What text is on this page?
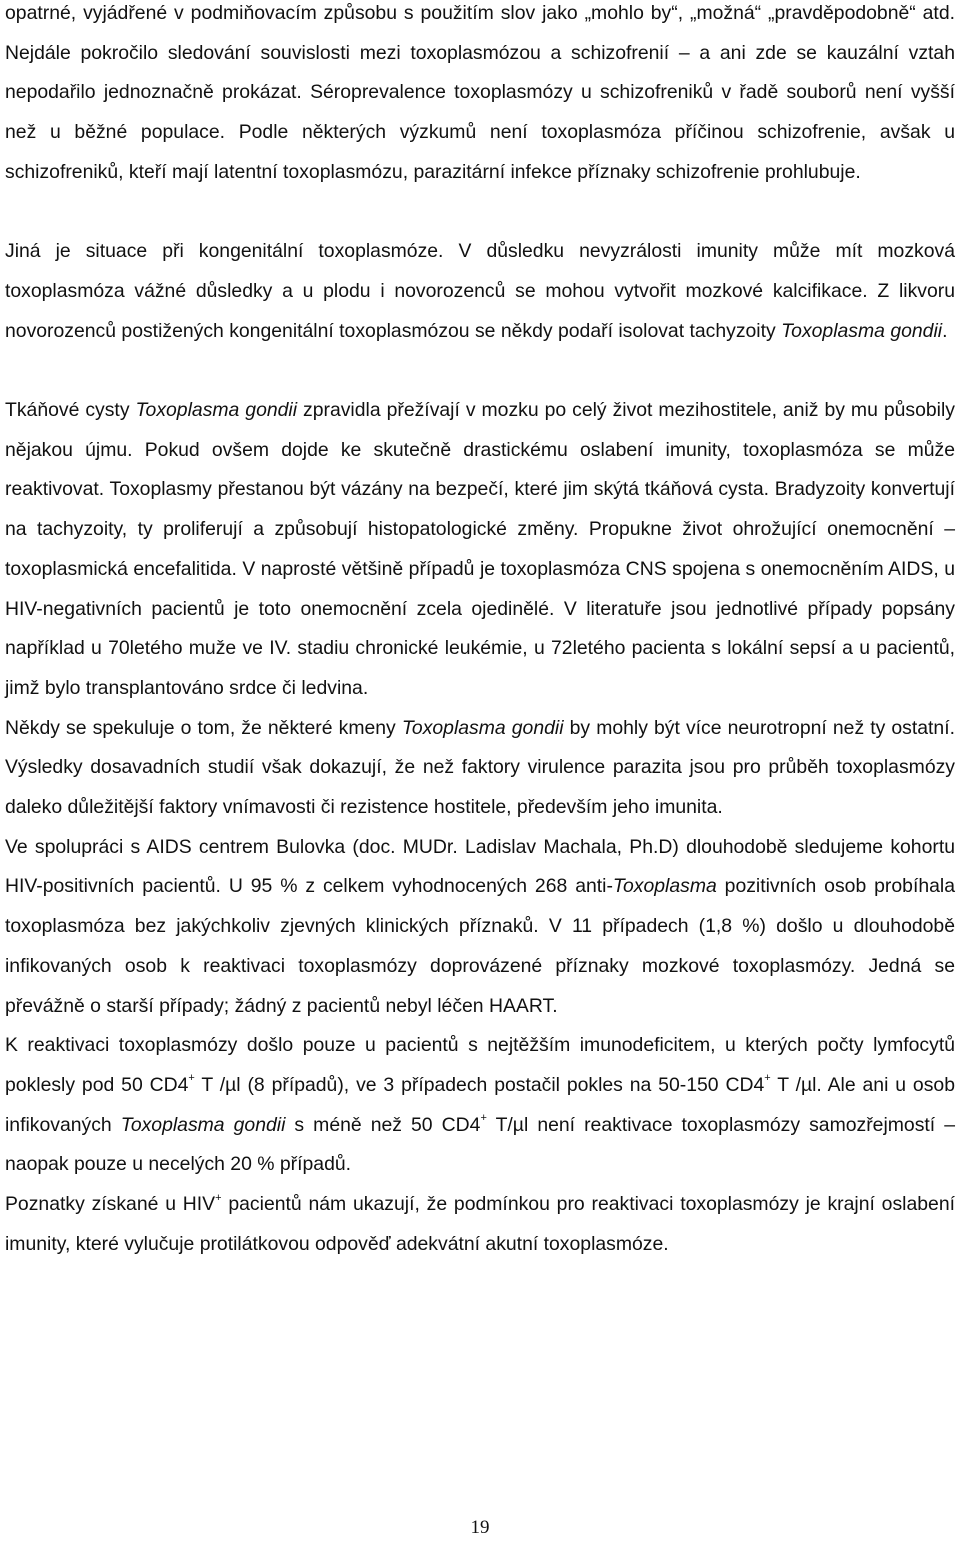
opatrné, vyjádřené v podmiňovacím způsobu s použitím slov jako „mohlo by“, „možná“ „pravděpodobně“ atd. Nejdále pokročilo sledování souvislosti mezi toxoplasmózou a schizofrenií – a ani zde se kauzální vztah nepodařilo jednoznačně prokázat. Séroprevalence toxoplasmózy u schizofreniků v řadě souborů není vyšší než u běžné populace. Podle některých výzkumů není toxoplasmóza příčinou schizofrenie, avšak u schizofreniků, kteří mají latentní toxoplasmózu, parazitární infekce příznaky schizofrenie prohlubuje.

Jiná je situace při kongenitální toxoplasmóze. V důsledku nevyzrálosti imunity může mít mozková toxoplasmóza vážné důsledky a u plodu i novorozenců se mohou vytvořit mozkové kalcifikace. Z likvoru novorozenců postižených kongenitální toxoplasmózou se někdy podaří isolovat tachyzoity Toxoplasma gondii.

Tkáňové cysty Toxoplasma gondii zpravidla přežívají v mozku po celý život mezihostitele, aniž by mu působily nějakou újmu. Pokud ovšem dojde ke skutečně drastickému oslabení imunity, toxoplasmóza se může reaktivovat. Toxoplasmy přestanou být vázány na bezpečí, které jim skýtá tkáňová cysta. Bradyzoity konvertují na tachyzoity, ty proliferují a způsobují histopatologické změny. Propukne život ohrožující onemocnění – toxoplasmická encefalitida. V naprosté většině případů je toxoplasmóza CNS spojena s onemocněním AIDS, u HIV-negativních pacientů je toto onemocnění zcela ojedinělé. V literatuře jsou jednotlivé případy popsány například u 70letého muže ve IV. stadiu chronické leukémie, u 72letého pacienta s lokální sepsí a u pacientů, jimž bylo transplantováno srdce či ledvina.

Někdy se spekuluje o tom, že některé kmeny Toxoplasma gondii by mohly být více neurotropní než ty ostatní. Výsledky dosavadních studií však dokazují, že než faktory virulence parazita jsou pro průběh toxoplasmózy daleko důležitější faktory vnímavosti či rezistence hostitele, především jeho imunita.

Ve spolupráci s AIDS centrem Bulovka (doc. MUDr. Ladislav Machala, Ph.D) dlouhodobě sledujeme kohortu HIV-positivních pacientů. U 95 % z celkem vyhodnocených 268 anti-Toxoplasma pozitivních osob probíhala toxoplasmóza bez jakýchkoliv zjevných klinických příznaků. V 11 případech (1,8 %) došlo u dlouhodobě infikovaných osob k reaktivaci toxoplasmózy doprovázené příznaky mozkové toxoplasmózy. Jedná se převážně o starší případy; žádný z pacientů nebyl léčen HAART.

K reaktivaci toxoplasmózy došlo pouze u pacientů s nejtěžším imunodeficitem, u kterých počty lymfocytů poklesly pod 50 CD4+ T /µl (8 případů), ve 3 případech postačil pokles na 50-150 CD4+ T /µl. Ale ani u osob infikovaných Toxoplasma gondii s méně než 50 CD4+ T/µl není reaktivace toxoplasmózy samozřejmostí – naopak pouze u necelých 20 % případů.

Poznatky získané u HIV+ pacientů nám ukazují, že podmínkou pro reaktivaci toxoplasmózy je krajní oslabení imunity, které vylučuje protilátkovou odpověď adekvátní akutní toxoplasmóze.

19
